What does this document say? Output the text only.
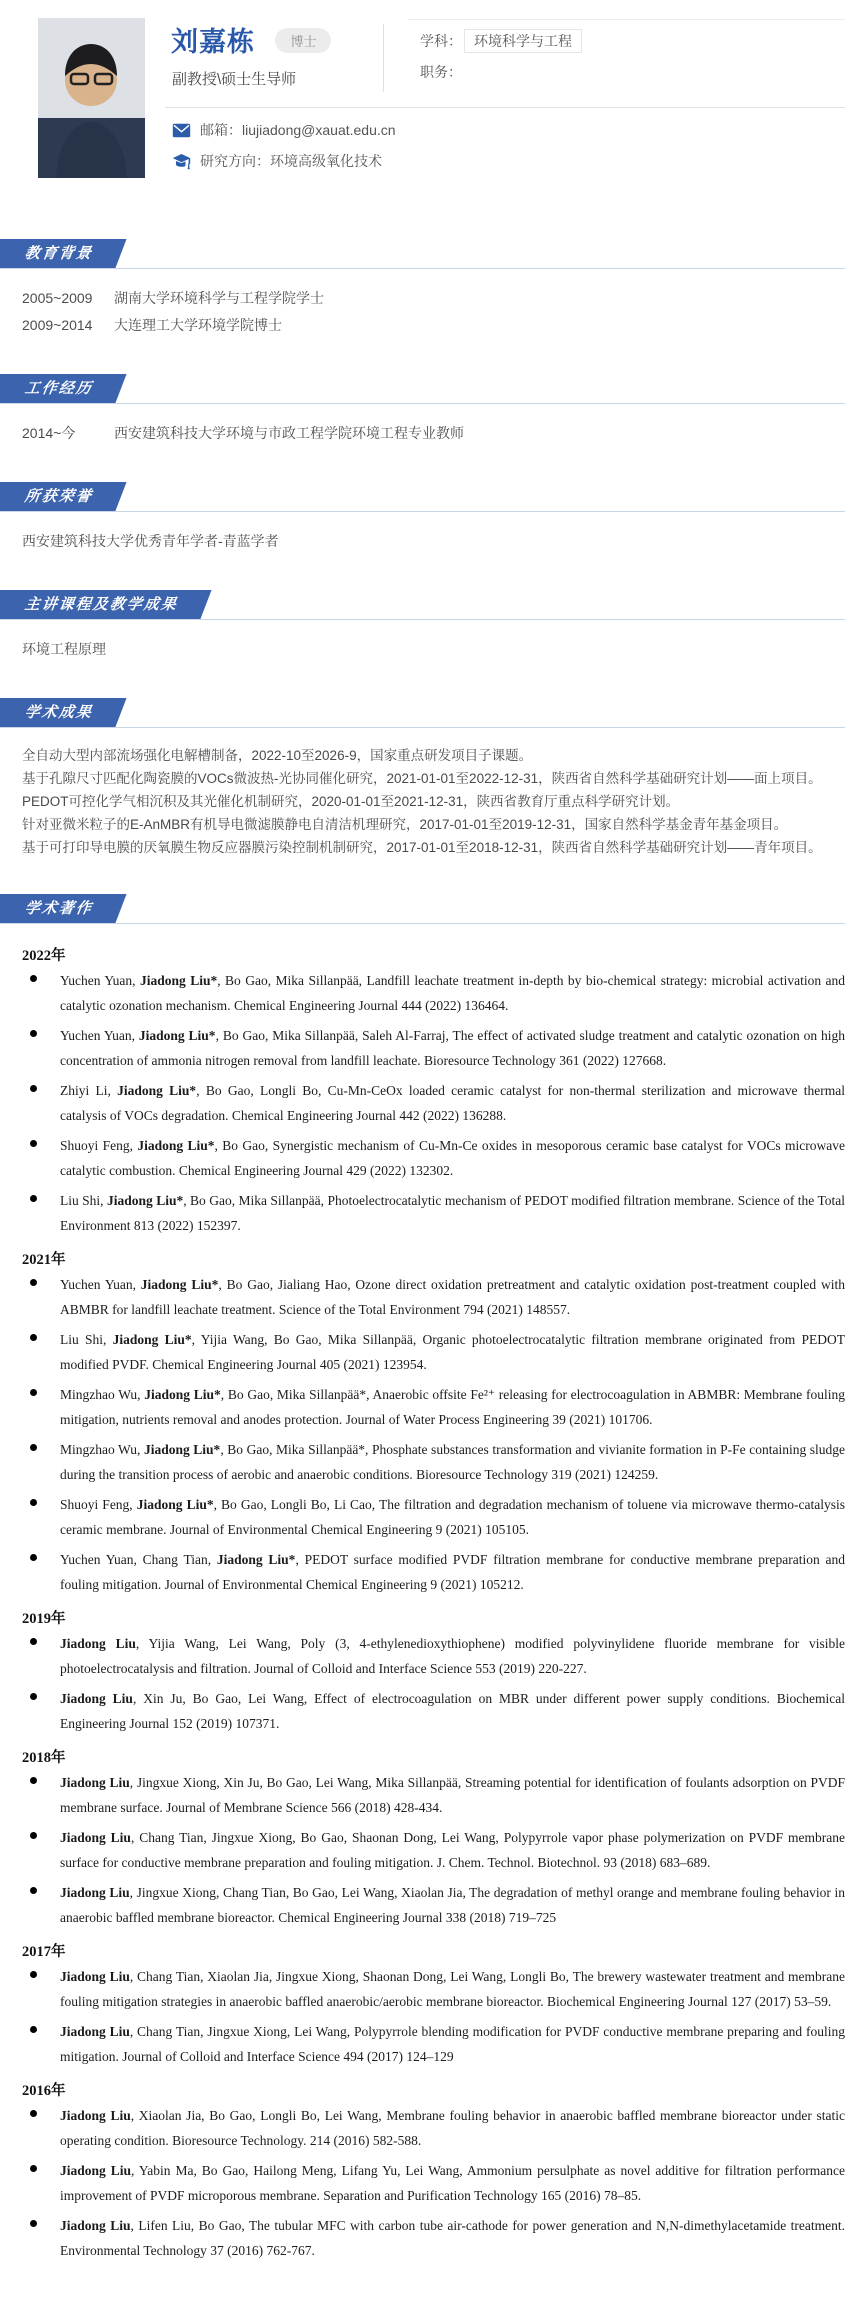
刘嘉栋	博士
副教授\硕士生导师
学科： 环境科学与工程
职务：
邮箱： liujiadong@xauat.edu.cn
研究方向： 环境高级氧化技术
教育背景
2005~2009 湖南大学环境科学与工程学院学士
2009~2014 大连理工大学环境学院博士
工作经历
2014~今	西安建筑科技大学环境与市政工程学院环境工程专业教师
所获荣誉
西安建筑科技大学优秀青年学者-青蓝学者
主讲课程及教学成果
环境工程原理
学术成果
全自动大型内部流场强化电解槽制备，2022-10至2026-9，国家重点研发项目子课题。
基于孔隙尺寸匹配化陶瓷膜的VOCs微波热-光协同催化研究，2021-01-01至2022-12-31，陕西省自然科学基础研究计划——面上项目。
PEDOT可控化学气相沉积及其光催化机制研究，2020-01-01至2021-12-31，陕西省教育厅重点科学研究计划。
针对亚微米粒子的E-AnMBR有机导电微滤膜静电自清洁机理研究，2017-01-01至2019-12-31，国家自然科学基金青年基金项目。
基于可打印导电膜的厌氧膜生物反应器膜污染控制机制研究，2017-01-01至2018-12-31，陕西省自然科学基础研究计划——青年项目。
学术著作
2022年
Yuchen Yuan, Jiadong Liu*, Bo Gao, Mika Sillanpää, Landfill leachate treatment in-depth by bio-chemical strategy: microbial activation and catalytic ozonation mechanism. Chemical Engineering Journal 444 (2022) 136464.
Yuchen Yuan, Jiadong Liu*, Bo Gao, Mika Sillanpää, Saleh Al-Farraj, The effect of activated sludge treatment and catalytic ozonation on high concentration of ammonia nitrogen removal from landfill leachate. Bioresource Technology 361 (2022) 127668.
Zhiyi Li, Jiadong Liu*, Bo Gao, Longli Bo, Cu-Mn-CeOx loaded ceramic catalyst for non-thermal sterilization and microwave thermal catalysis of VOCs degradation. Chemical Engineering Journal 442 (2022) 136288.
Shuoyi Feng, Jiadong Liu*, Bo Gao, Synergistic mechanism of Cu-Mn-Ce oxides in mesoporous ceramic base catalyst for VOCs microwave catalytic combustion. Chemical Engineering Journal 429 (2022) 132302.
Liu Shi, Jiadong Liu*, Bo Gao, Mika Sillanpää, Photoelectrocatalytic mechanism of PEDOT modified filtration membrane. Science of the Total Environment 813 (2022) 152397.
2021年
Yuchen Yuan, Jiadong Liu*, Bo Gao, Jialiang Hao, Ozone direct oxidation pretreatment and catalytic oxidation post-treatment coupled with ABMBR for landfill leachate treatment. Science of the Total Environment 794 (2021) 148557.
Liu Shi, Jiadong Liu*, Yijia Wang, Bo Gao, Mika Sillanpää, Organic photoelectrocatalytic filtration membrane originated from PEDOT modified PVDF. Chemical Engineering Journal 405 (2021) 123954.
Mingzhao Wu, Jiadong Liu*, Bo Gao, Mika Sillanpää*, Anaerobic offsite Fe²⁺ releasing for electrocoagulation in ABMBR: Membrane fouling mitigation, nutrients removal and anodes protection. Journal of Water Process Engineering 39 (2021) 101706.
Mingzhao Wu, Jiadong Liu*, Bo Gao, Mika Sillanpää*, Phosphate substances transformation and vivianite formation in P-Fe containing sludge during the transition process of aerobic and anaerobic conditions. Bioresource Technology 319 (2021) 124259.
Shuoyi Feng, Jiadong Liu*, Bo Gao, Longli Bo, Li Cao, The filtration and degradation mechanism of toluene via microwave thermo-catalysis ceramic membrane. Journal of Environmental Chemical Engineering 9 (2021) 105105.
Yuchen Yuan, Chang Tian, Jiadong Liu*, PEDOT surface modified PVDF filtration membrane for conductive membrane preparation and fouling mitigation. Journal of Environmental Chemical Engineering 9 (2021) 105212.
2019年
Jiadong Liu, Yijia Wang, Lei Wang, Poly (3, 4-ethylenedioxythiophene) modified polyvinylidene fluoride membrane for visible photoelectrocatalysis and filtration. Journal of Colloid and Interface Science 553 (2019) 220-227.
Jiadong Liu, Xin Ju, Bo Gao, Lei Wang, Effect of electrocoagulation on MBR under different power supply conditions. Biochemical Engineering Journal 152 (2019) 107371.
2018年
Jiadong Liu, Jingxue Xiong, Xin Ju, Bo Gao, Lei Wang, Mika Sillanpää, Streaming potential for identification of foulants adsorption on PVDF membrane surface. Journal of Membrane Science 566 (2018) 428-434.
Jiadong Liu, Chang Tian, Jingxue Xiong, Bo Gao, Shaonan Dong, Lei Wang, Polypyrrole vapor phase polymerization on PVDF membrane surface for conductive membrane preparation and fouling mitigation. J. Chem. Technol. Biotechnol. 93 (2018) 683–689.
Jiadong Liu, Jingxue Xiong, Chang Tian, Bo Gao, Lei Wang, Xiaolan Jia, The degradation of methyl orange and membrane fouling behavior in anaerobic baffled membrane bioreactor. Chemical Engineering Journal 338 (2018) 719–725
2017年
Jiadong Liu, Chang Tian, Xiaolan Jia, Jingxue Xiong, Shaonan Dong, Lei Wang, Longli Bo, The brewery wastewater treatment and membrane fouling mitigation strategies in anaerobic baffled anaerobic/aerobic membrane bioreactor. Biochemical Engineering Journal 127 (2017) 53–59.
Jiadong Liu, Chang Tian, Jingxue Xiong, Lei Wang, Polypyrrole blending modification for PVDF conductive membrane preparing and fouling mitigation. Journal of Colloid and Interface Science 494 (2017) 124–129
2016年
Jiadong Liu, Xiaolan Jia, Bo Gao, Longli Bo, Lei Wang, Membrane fouling behavior in anaerobic baffled membrane bioreactor under static operating condition. Bioresource Technology. 214 (2016) 582-588.
Jiadong Liu, Yabin Ma, Bo Gao, Hailong Meng, Lifang Yu, Lei Wang, Ammonium persulphate as novel additive for filtration performance improvement of PVDF microporous membrane. Separation and Purification Technology 165 (2016) 78–85.
Jiadong Liu, Lifen Liu, Bo Gao, The tubular MFC with carbon tube air-cathode for power generation and N,N-dimethylacetamide treatment. Environmental Technology 37 (2016) 762-767.
